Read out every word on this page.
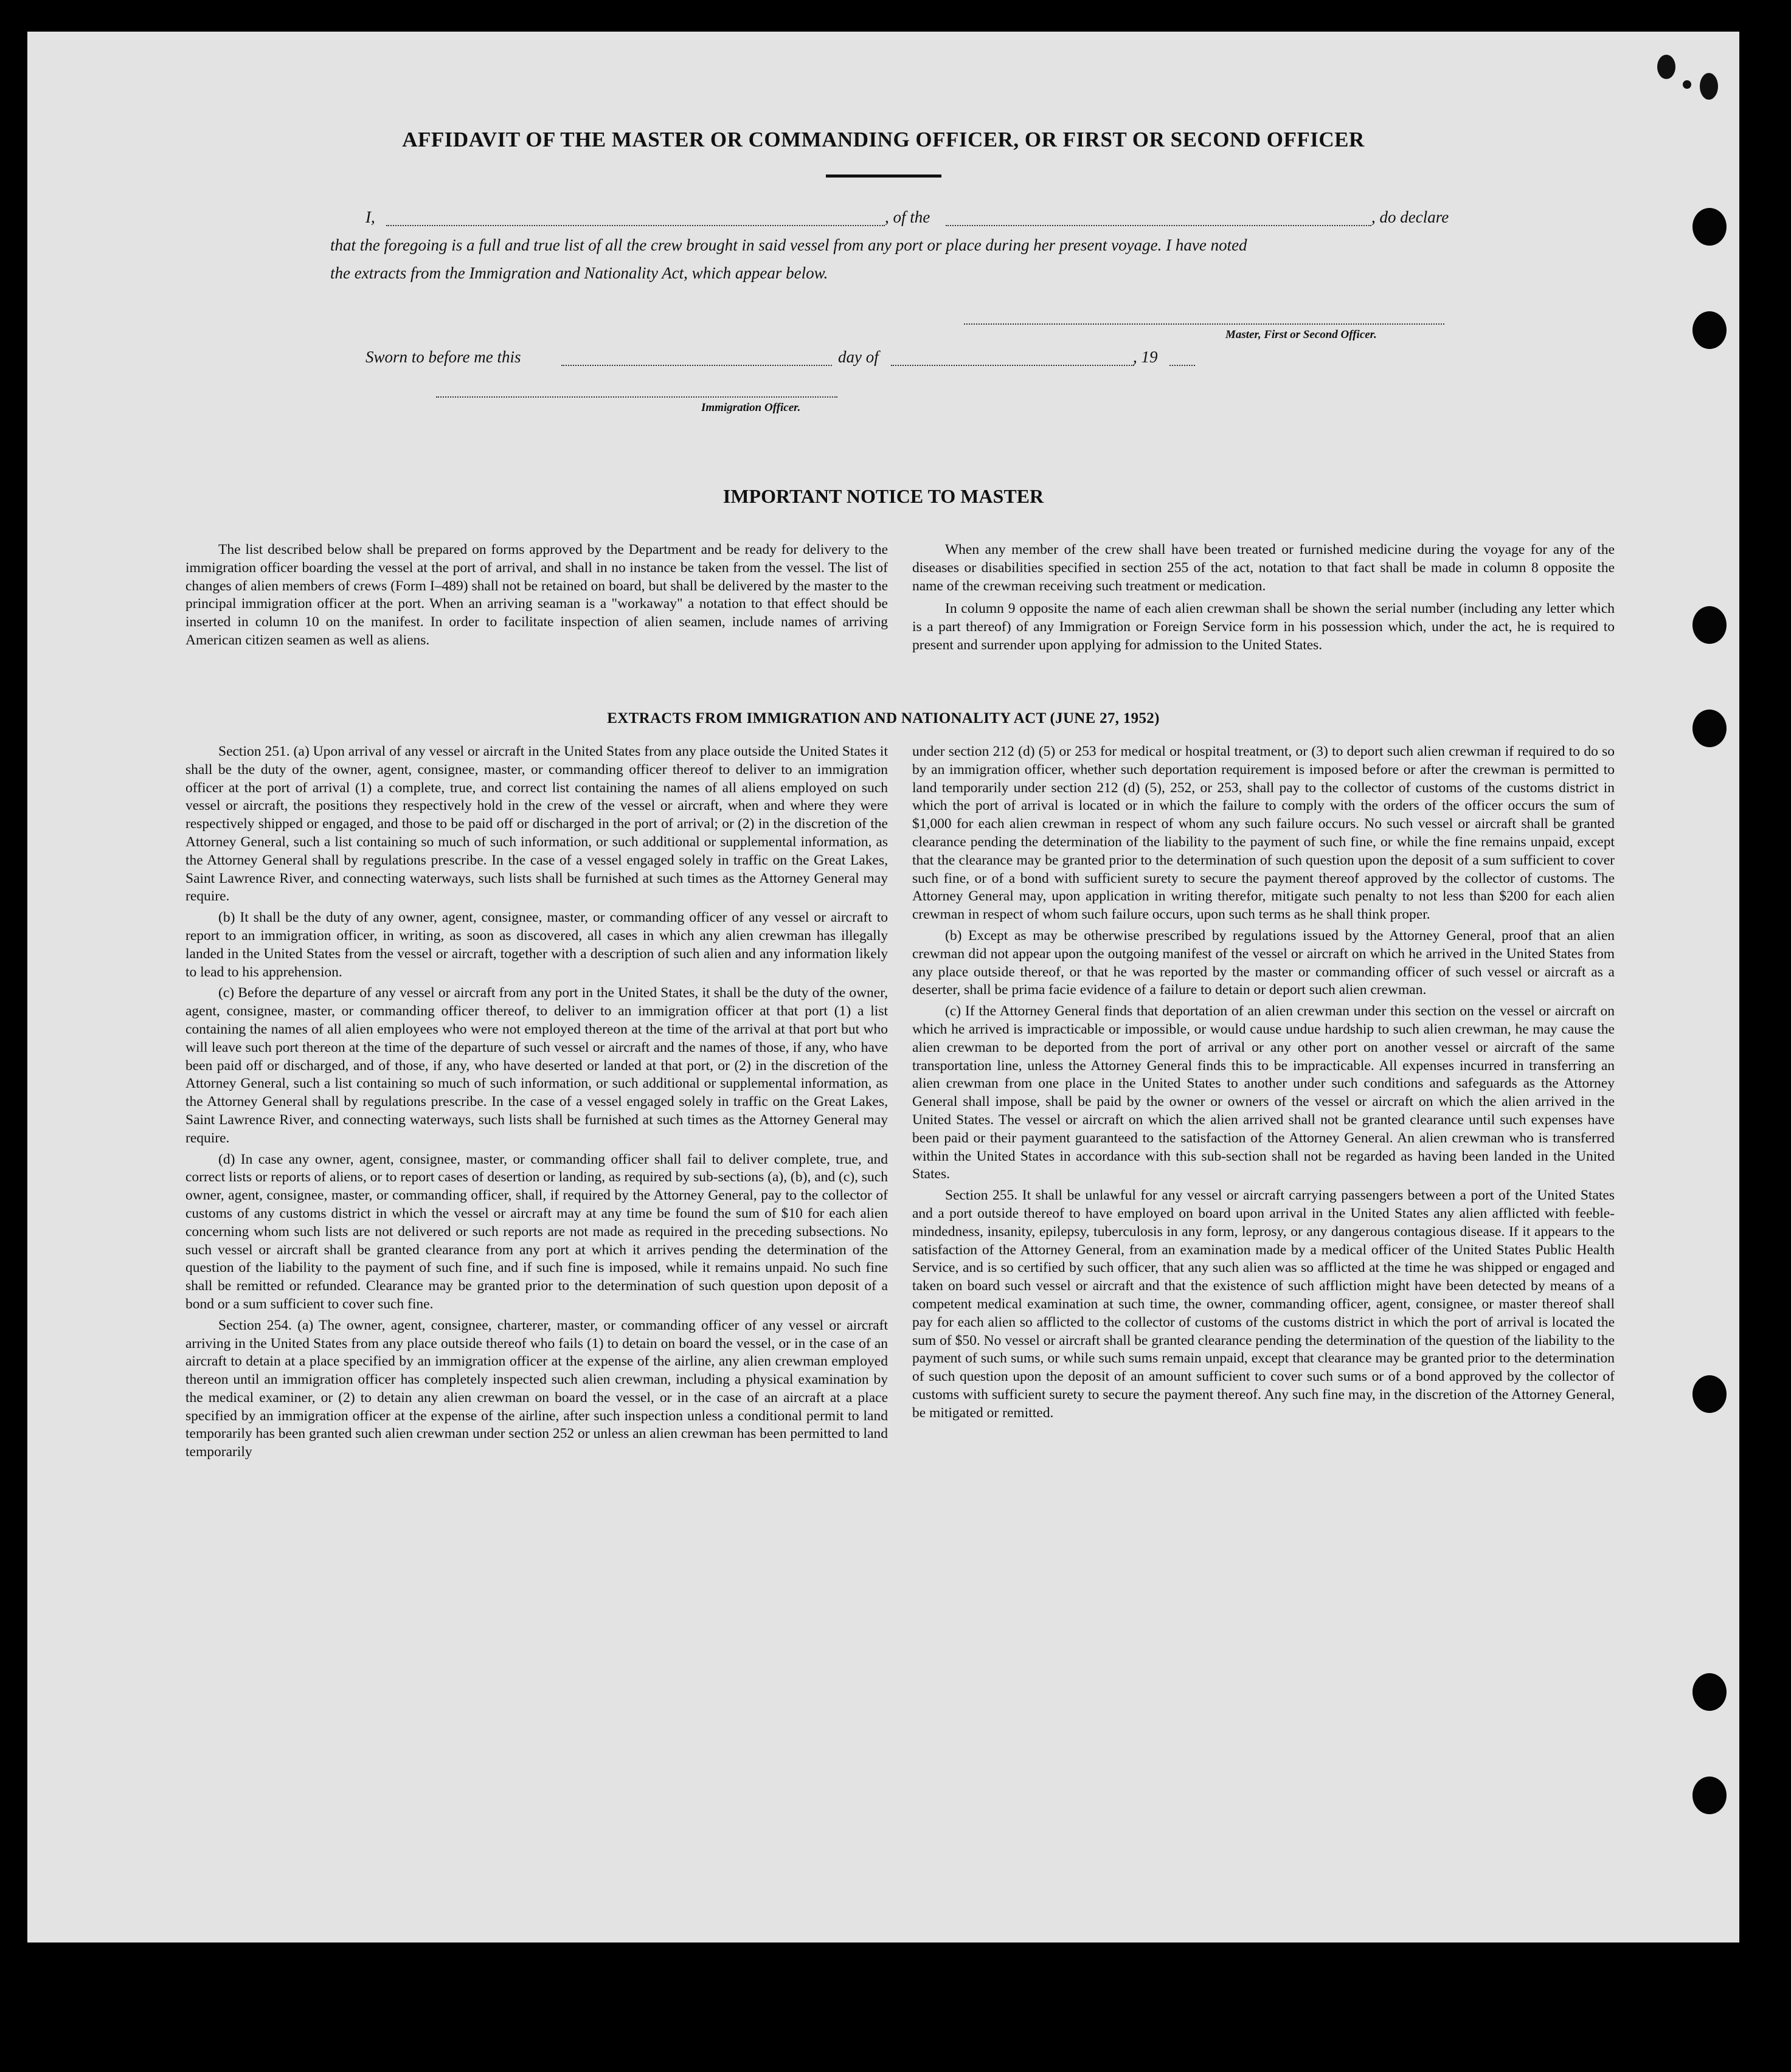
AFFIDAVIT OF THE MASTER OR COMMANDING OFFICER, OR FIRST OR SECOND OFFICER
I,	, of the	, do declare
that the foregoing is a full and true list of all the crew brought in said vessel from any port or place during her present voyage. I have noted
the extracts from the Immigration and Nationality Act, which appear below.
Master, First or Second Officer.
Sworn to before me this	day of	, 19
Immigration Officer.
IMPORTANT NOTICE TO MASTER

The list described below shall be prepared on forms approved by the Department and be ready for delivery to the immigration officer boarding the vessel at the port of arrival, and shall in no instance be taken from the vessel. The list of changes of alien members of crews (Form I–489) shall not be retained on board, but shall be delivered by the master to the principal immigration officer at the port. When an arriving seaman is a "workaway" a notation to that effect should be inserted in column 10 on the manifest. In order to facilitate inspection of alien seamen, include names of arriving American citizen seamen as well as aliens.

When any member of the crew shall have been treated or furnished medicine during the voyage for any of the diseases or disabilities specified in section 255 of the act, notation to that fact shall be made in column 8 opposite the name of the crewman receiving such treatment or medication.

In column 9 opposite the name of each alien crewman shall be shown the serial number (including any letter which is a part thereof) of any Immigration or Foreign Service form in his possession which, under the act, he is required to present and surrender upon applying for admission to the United States.

EXTRACTS FROM IMMIGRATION AND NATIONALITY ACT (JUNE 27, 1952)

Section 251. (a) Upon arrival of any vessel or aircraft in the United States from any place outside the United States it shall be the duty of the owner, agent, consignee, master, or commanding officer thereof to deliver to an immigration officer at the port of arrival (1) a complete, true, and correct list containing the names of all aliens employed on such vessel or aircraft, the positions they respectively hold in the crew of the vessel or aircraft, when and where they were respectively shipped or engaged, and those to be paid off or discharged in the port of arrival; or (2) in the discretion of the Attorney General, such a list containing so much of such information, or such additional or supplemental information, as the Attorney General shall by regulations prescribe. In the case of a vessel engaged solely in traffic on the Great Lakes, Saint Lawrence River, and connecting waterways, such lists shall be furnished at such times as the Attorney General may require.

(b) It shall be the duty of any owner, agent, consignee, master, or commanding officer of any vessel or aircraft to report to an immigration officer, in writing, as soon as discovered, all cases in which any alien crewman has illegally landed in the United States from the vessel or aircraft, together with a description of such alien and any information likely to lead to his apprehension.

(c) Before the departure of any vessel or aircraft from any port in the United States, it shall be the duty of the owner, agent, consignee, master, or commanding officer thereof, to deliver to an immigration officer at that port (1) a list containing the names of all alien employees who were not employed thereon at the time of the arrival at that port but who will leave such port thereon at the time of the departure of such vessel or aircraft and the names of those, if any, who have been paid off or discharged, and of those, if any, who have deserted or landed at that port, or (2) in the discretion of the Attorney General, such a list containing so much of such information, or such additional or supplemental information, as the Attorney General shall by regulations prescribe. In the case of a vessel engaged solely in traffic on the Great Lakes, Saint Lawrence River, and connecting waterways, such lists shall be furnished at such times as the Attorney General may require.

(d) In case any owner, agent, consignee, master, or commanding officer shall fail to deliver complete, true, and correct lists or reports of aliens, or to report cases of desertion or landing, as required by sub-sections (a), (b), and (c), such owner, agent, consignee, master, or commanding officer, shall, if required by the Attorney General, pay to the collector of customs of any customs district in which the vessel or aircraft may at any time be found the sum of $10 for each alien concerning whom such lists are not delivered or such reports are not made as required in the preceding subsections. No such vessel or aircraft shall be granted clearance from any port at which it arrives pending the determination of the question of the liability to the payment of such fine, and if such fine is imposed, while it remains unpaid. No such fine shall be remitted or refunded. Clearance may be granted prior to the determination of such question upon deposit of a bond or a sum sufficient to cover such fine.

Section 254. (a) The owner, agent, consignee, charterer, master, or commanding officer of any vessel or aircraft arriving in the United States from any place outside thereof who fails (1) to detain on board the vessel, or in the case of an aircraft to detain at a place specified by an immigration officer at the expense of the airline, any alien crewman employed thereon until an immigration officer has completely inspected such alien crewman, including a physical examination by the medical examiner, or (2) to detain any alien crewman on board the vessel, or in the case of an aircraft at a place specified by an immigration officer at the expense of the airline, after such inspection unless a conditional permit to land temporarily has been granted such alien crewman under section 252 or unless an alien crewman has been permitted to land temporarily

under section 212 (d) (5) or 253 for medical or hospital treatment, or (3) to deport such alien crewman if required to do so by an immigration officer, whether such deportation requirement is imposed before or after the crewman is permitted to land temporarily under section 212 (d) (5), 252, or 253, shall pay to the collector of customs of the customs district in which the port of arrival is located or in which the failure to comply with the orders of the officer occurs the sum of $1,000 for each alien crewman in respect of whom any such failure occurs. No such vessel or aircraft shall be granted clearance pending the determination of the liability to the payment of such fine, or while the fine remains unpaid, except that the clearance may be granted prior to the determination of such question upon the deposit of a sum sufficient to cover such fine, or of a bond with sufficient surety to secure the payment thereof approved by the collector of customs. The Attorney General may, upon application in writing therefor, mitigate such penalty to not less than $200 for each alien crewman in respect of whom such failure occurs, upon such terms as he shall think proper.

(b) Except as may be otherwise prescribed by regulations issued by the Attorney General, proof that an alien crewman did not appear upon the outgoing manifest of the vessel or aircraft on which he arrived in the United States from any place outside thereof, or that he was reported by the master or commanding officer of such vessel or aircraft as a deserter, shall be prima facie evidence of a failure to detain or deport such alien crewman.

(c) If the Attorney General finds that deportation of an alien crewman under this section on the vessel or aircraft on which he arrived is impracticable or impossible, or would cause undue hardship to such alien crewman, he may cause the alien crewman to be deported from the port of arrival or any other port on another vessel or aircraft of the same transportation line, unless the Attorney General finds this to be impracticable. All expenses incurred in transferring an alien crewman from one place in the United States to another under such conditions and safeguards as the Attorney General shall impose, shall be paid by the owner or owners of the vessel or aircraft on which the alien arrived in the United States. The vessel or aircraft on which the alien arrived shall not be granted clearance until such expenses have been paid or their payment guaranteed to the satisfaction of the Attorney General. An alien crewman who is transferred within the United States in accordance with this sub-section shall not be regarded as having been landed in the United States.

Section 255. It shall be unlawful for any vessel or aircraft carrying passengers between a port of the United States and a port outside thereof to have employed on board upon arrival in the United States any alien afflicted with feeble-mindedness, insanity, epilepsy, tuberculosis in any form, leprosy, or any dangerous contagious disease. If it appears to the satisfaction of the Attorney General, from an examination made by a medical officer of the United States Public Health Service, and is so certified by such officer, that any such alien was so afflicted at the time he was shipped or engaged and taken on board such vessel or aircraft and that the existence of such affliction might have been detected by means of a competent medical examination at such time, the owner, commanding officer, agent, consignee, or master thereof shall pay for each alien so afflicted to the collector of customs of the customs district in which the port of arrival is located the sum of $50. No vessel or aircraft shall be granted clearance pending the determination of the question of the liability to the payment of such sums, or while such sums remain unpaid, except that clearance may be granted prior to the determination of such question upon the deposit of an amount sufficient to cover such sums or of a bond approved by the collector of customs with sufficient surety to secure the payment thereof. Any such fine may, in the discretion of the Attorney General, be mitigated or remitted.
